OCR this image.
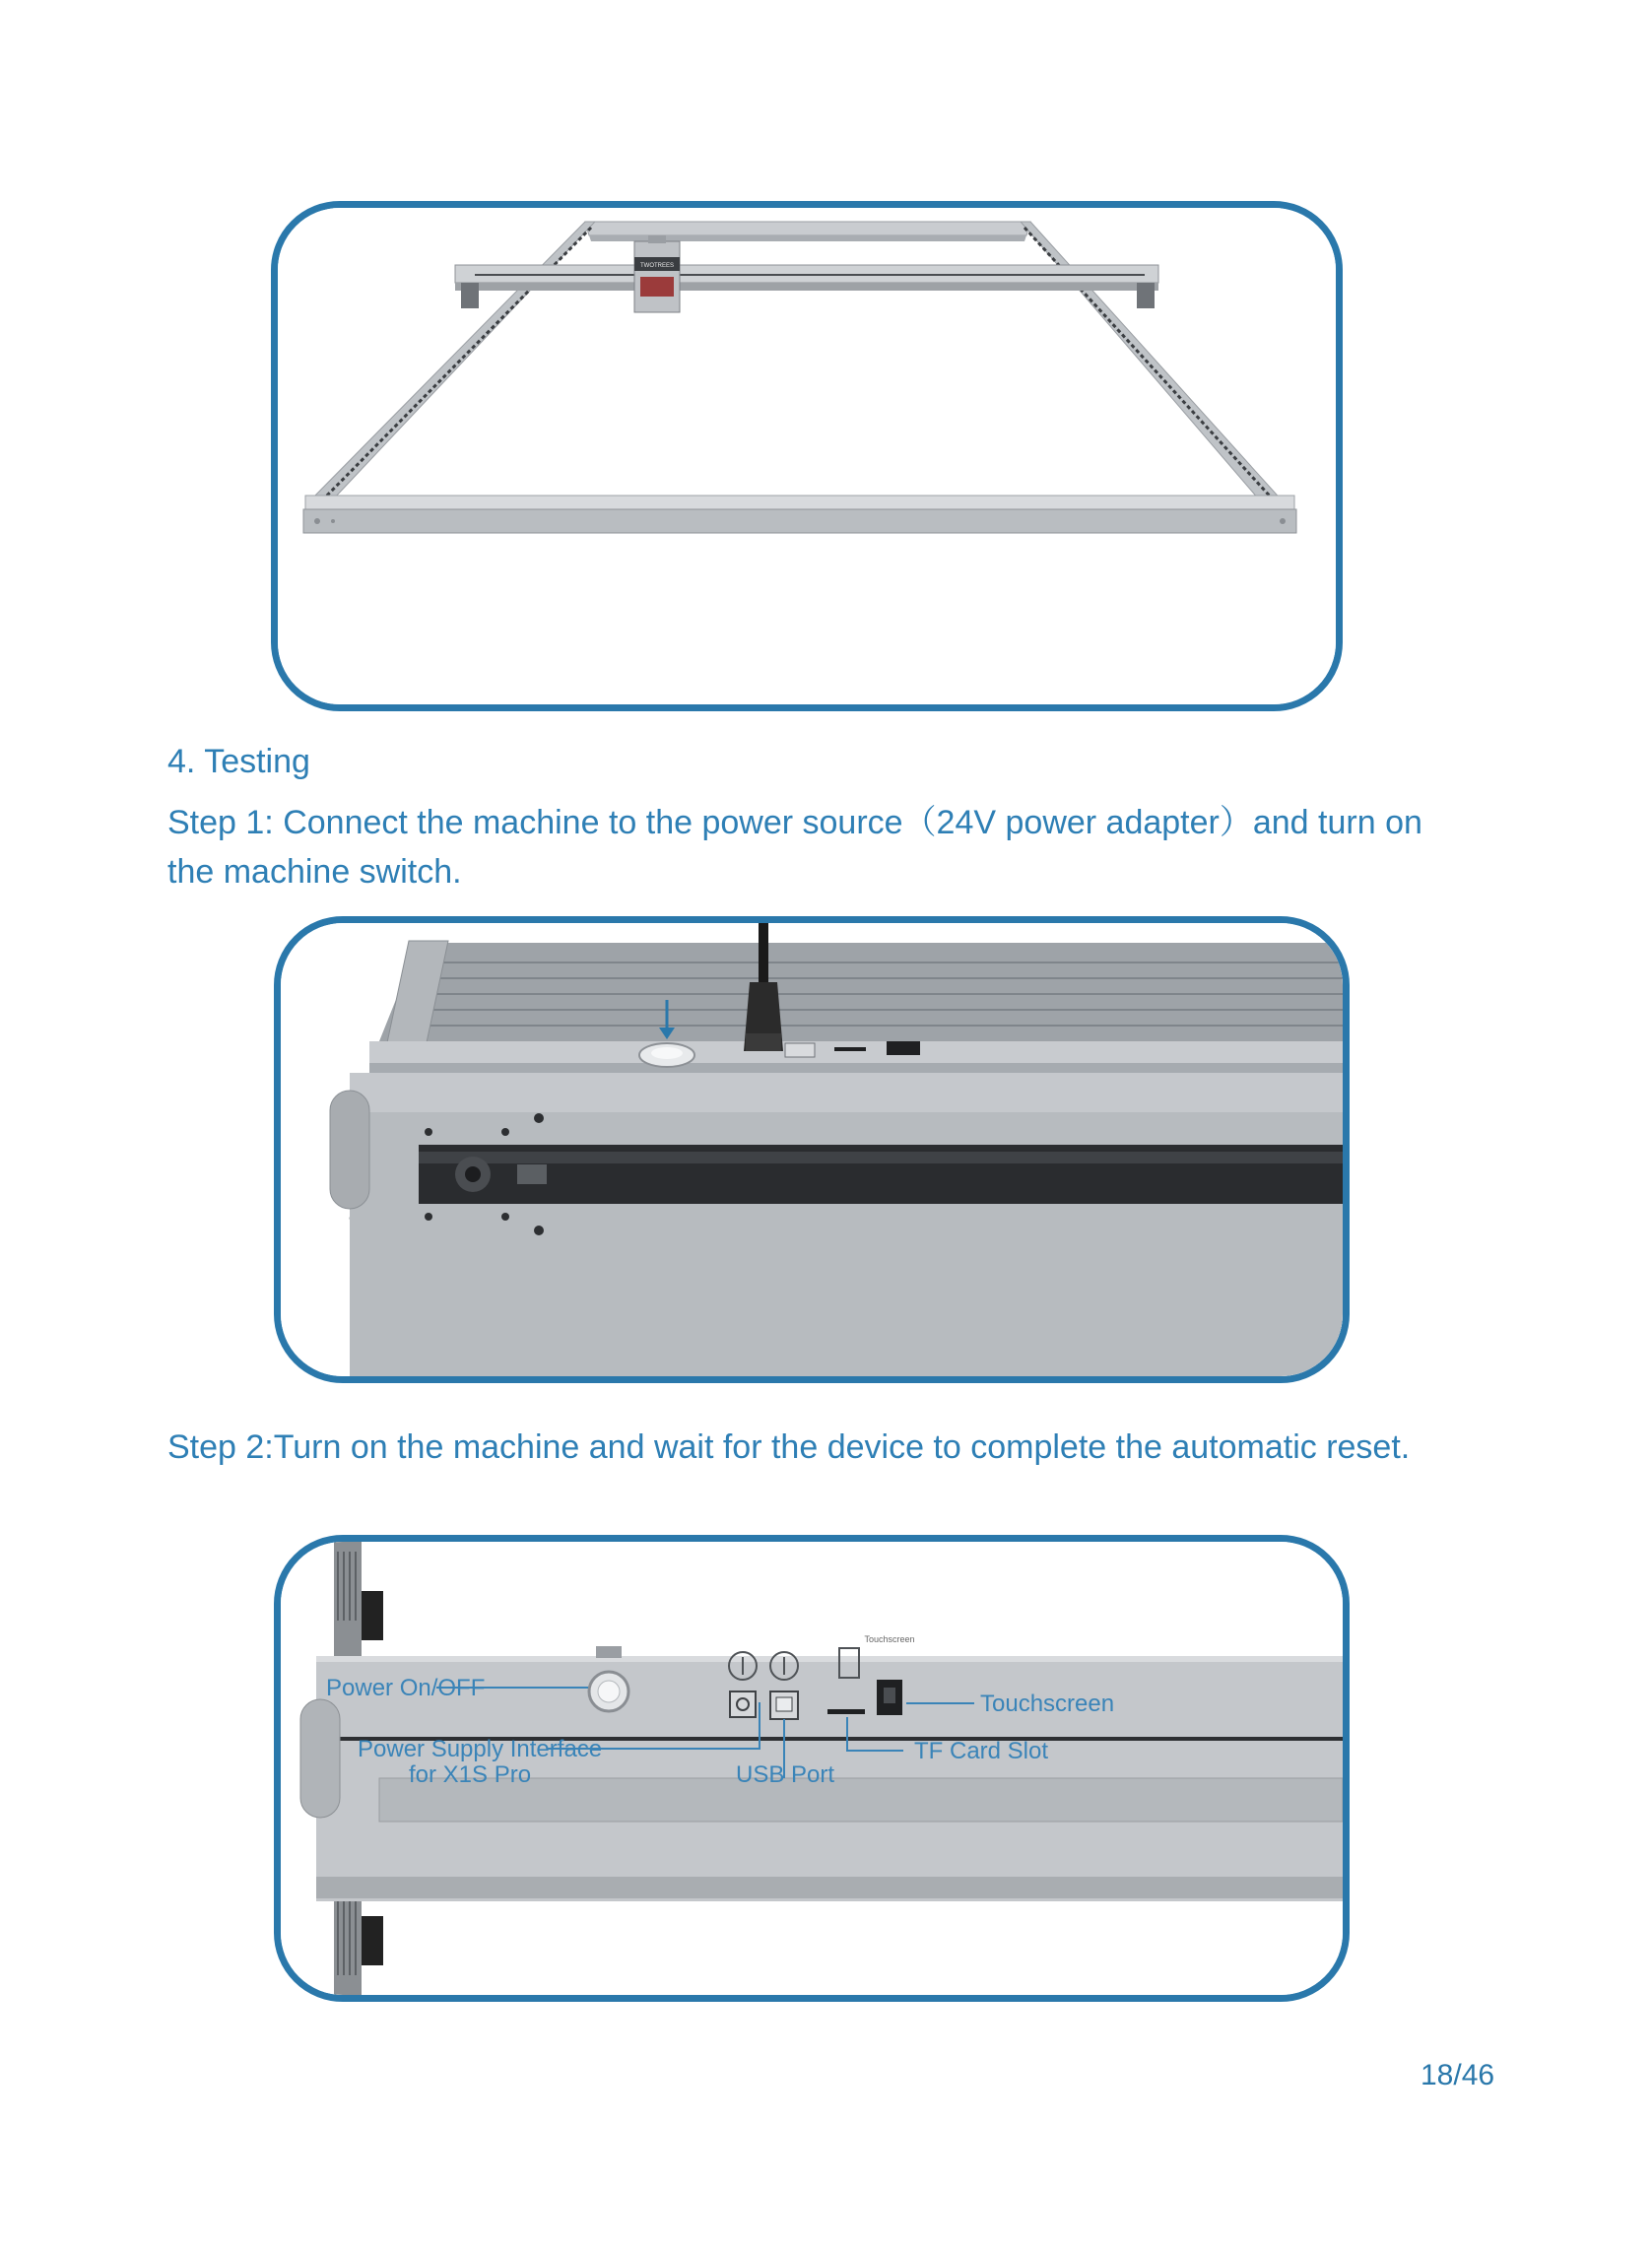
TWOTREES

4. Testing

Step 1: Connect the machine to the power source（24V power adapter）and turn on the machine switch.

Step 2:Turn on the machine and wait for the device to complete the automatic reset.

Touchscreen
Power On/OFF
Power Supply Interface
for X1S Pro	USB Port
TF Card Slot
Touchscreen

18/46
